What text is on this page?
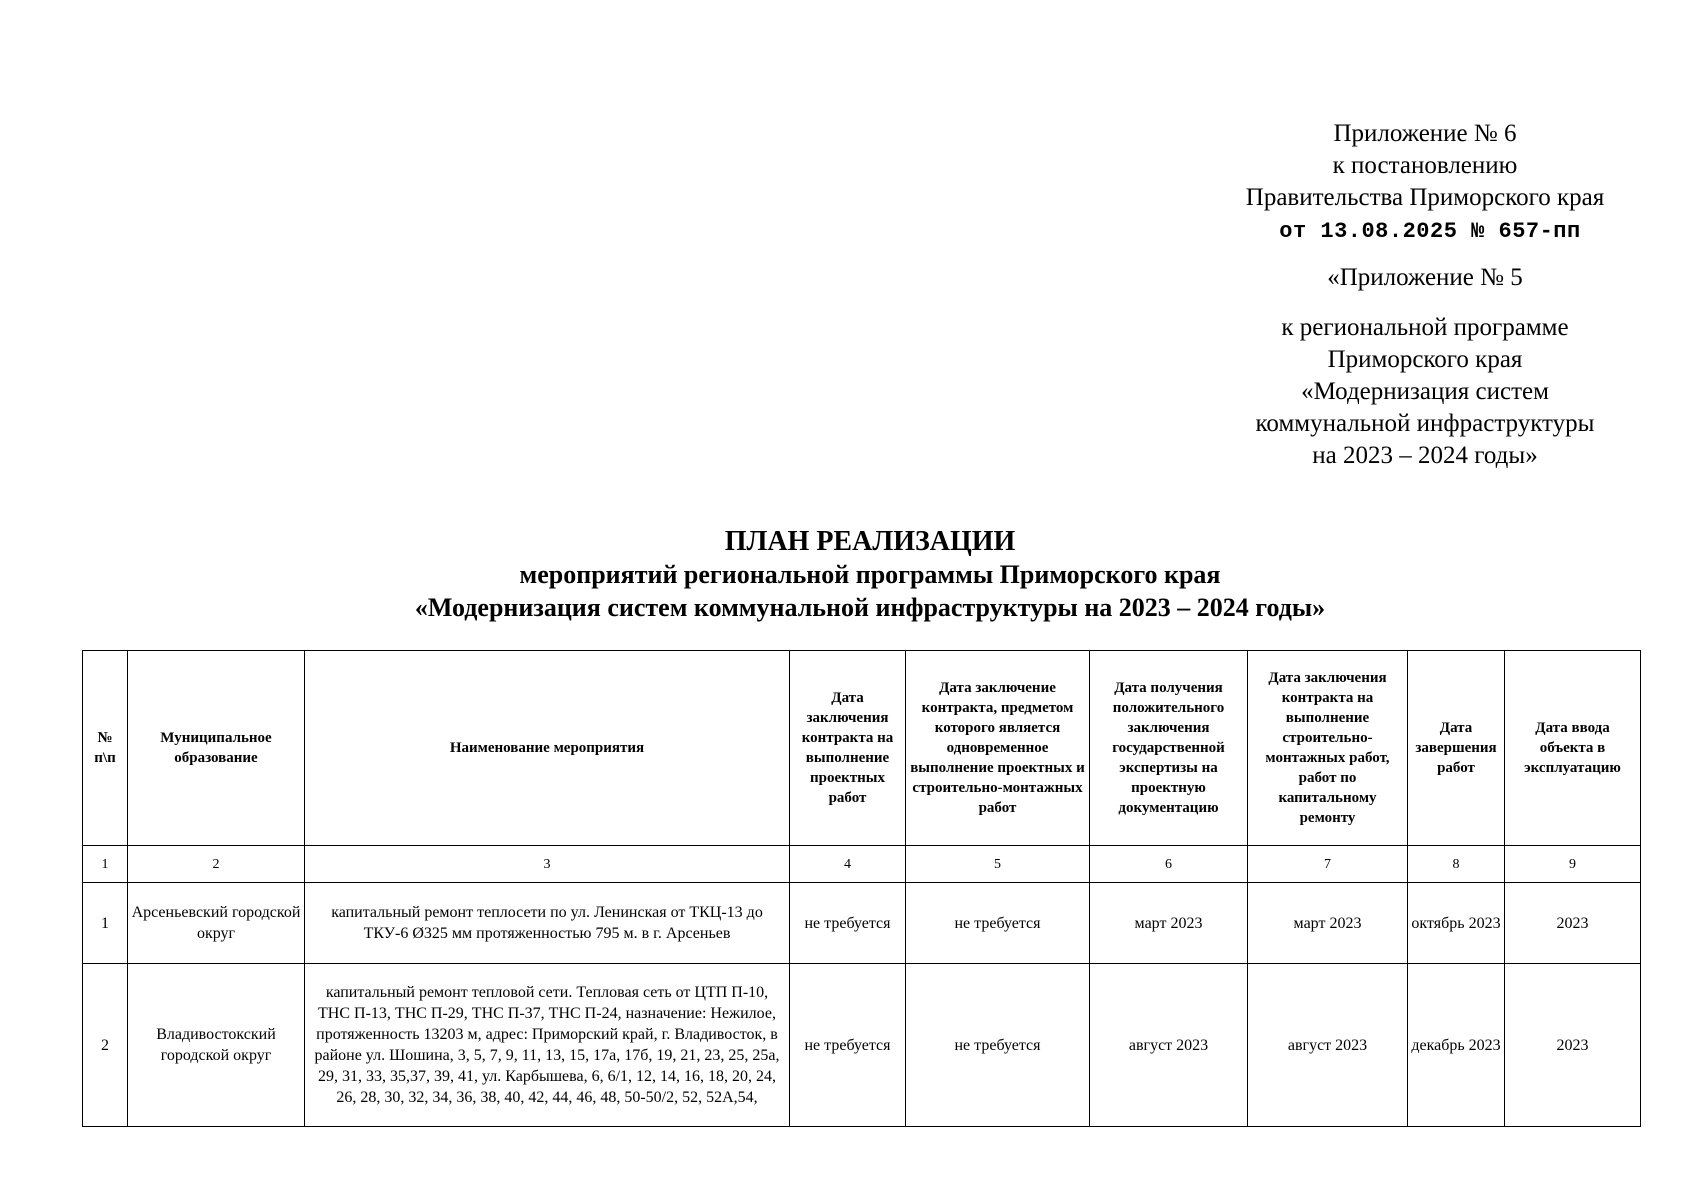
Приложение № 6
к постановлению
Правительства Приморского края
от 13.08.2025 № 657-пп
«Приложение № 5
к региональной программе
Приморского края
«Модернизация систем
коммунальной инфраструктуры
на 2023 – 2024 годы»
ПЛАН РЕАЛИЗАЦИИ
мероприятий региональной программы Приморского края
«Модернизация систем коммунальной инфраструктуры на 2023 – 2024 годы»
№ п\п	Муниципальное образование	Наименование мероприятия	Дата заключения контракта на выполнение проектных работ	Дата заключение контракта, предметом которого является одновременное выполнение проектных и строительно-монтажных работ	Дата получения положительного заключения государственной экспертизы на проектную документацию	Дата заключения контракта на выполнение строительно-монтажных работ, работ по капитальному ремонту	Дата завершения работ	Дата ввода объекта в эксплуатацию
1	2	3	4	5	6	7	8	9
1	Арсеньевский городской округ	капитальный ремонт теплосети по ул. Ленинская от ТКЦ-13 до ТКУ-6 Ø325 мм протяженностью 795 м. в г. Арсеньев	не требуется	не требуется	март 2023	март 2023	октябрь 2023	2023
2	Владивостокский городской округ	капитальный ремонт тепловой сети. Тепловая сеть от ЦТП П-10, ТНС П-13, ТНС П-29, ТНС П-37, ТНС П-24, назначение: Нежилое, протяженность 13203 м, адрес: Приморский край, г. Владивосток, в районе ул. Шошина, 3, 5, 7, 9, 11, 13, 15, 17а, 17б, 19, 21, 23, 25, 25а, 29, 31, 33, 35,37, 39, 41, ул. Карбышева, 6, 6/1, 12, 14, 16, 18, 20, 24, 26, 28, 30, 32, 34, 36, 38, 40, 42, 44, 46, 48, 50-50/2, 52, 52А,54,	не требуется	не требуется	август 2023	август 2023	декабрь 2023	2023
